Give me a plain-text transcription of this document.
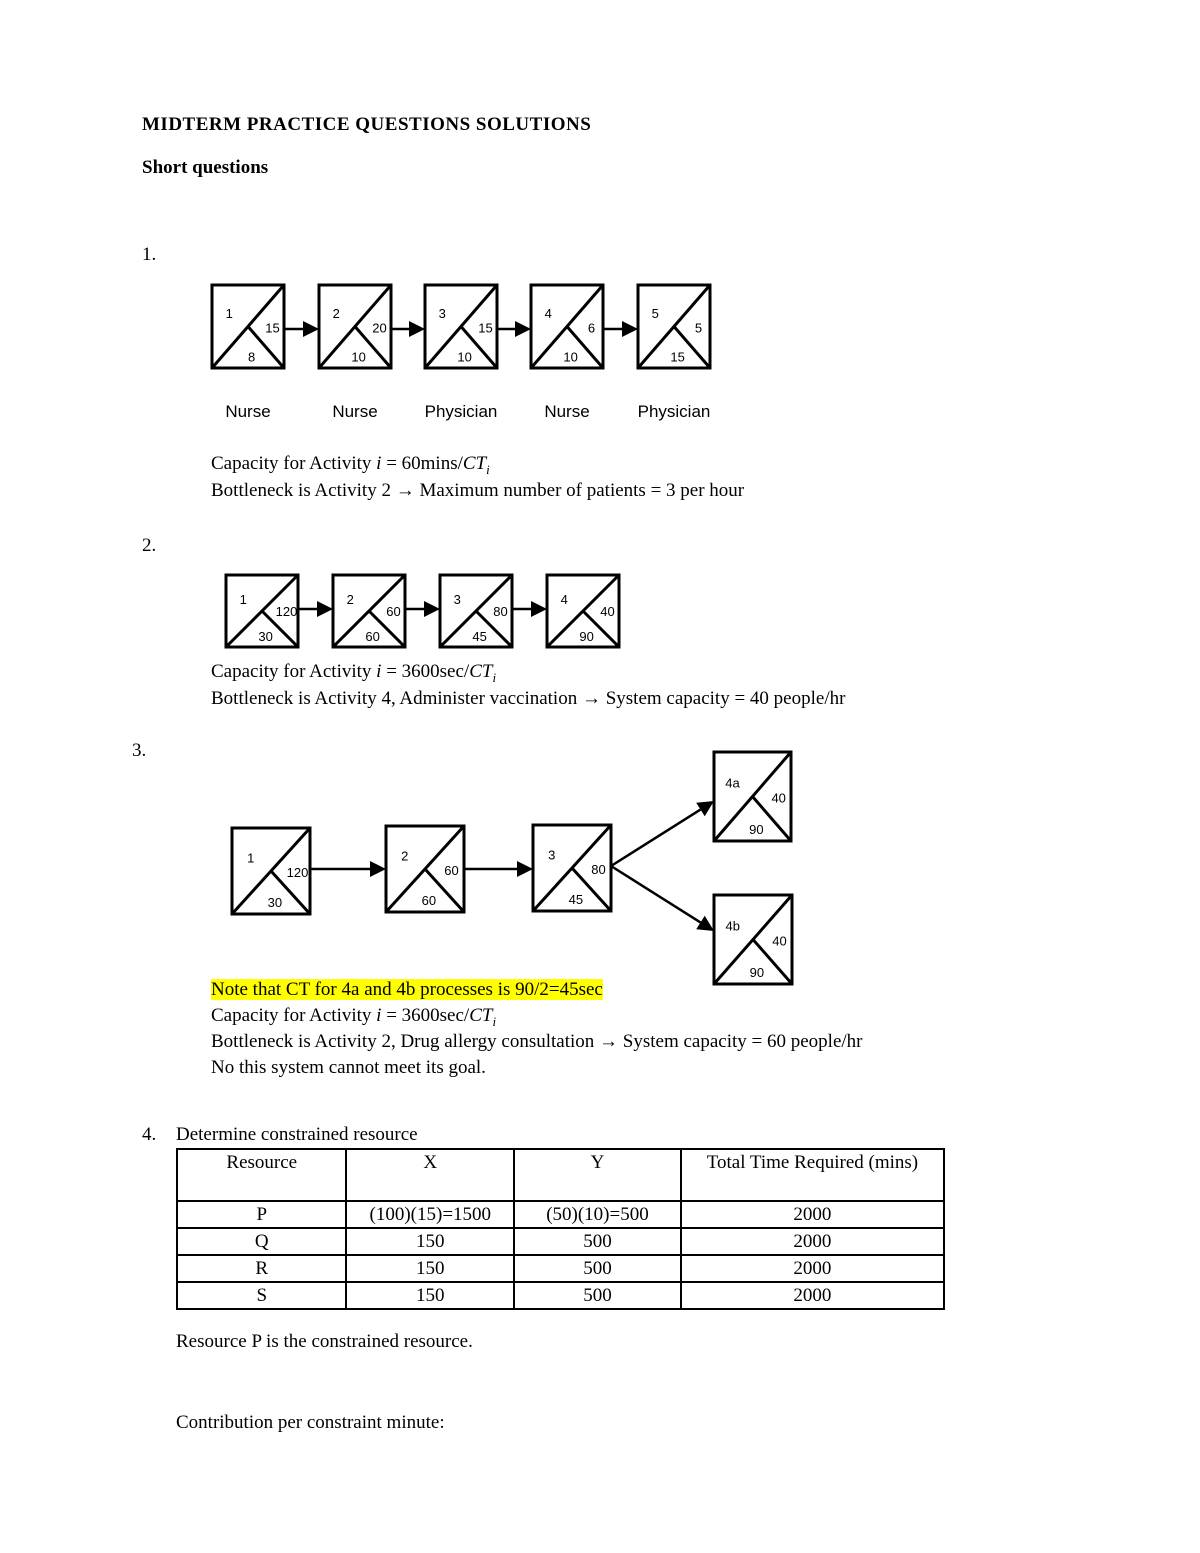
MIDTERM PRACTICE QUESTIONS SOLUTIONS
Short questions
1.
1
15
8
Nurse
2
20
10
Nurse
3
15
10
Physician
4
6
10
Nurse
5
5
15
Physician
Capacity for Activity $i = 60\min s/CT_i$
Bottleneck is Activity 2 → Maximum number of patients = 3 per hour
2.
1
120
30
2
60
60
3
80
45
4
40
90
Capacity for Activity $i = 3600\sec/CT_i$
Bottleneck is Activity 4, Administer vaccination → System capacity = 40 people/hr
3.
1
120
30
2
60
60
3
80
45
4a
40
90
4b
40
90
Note that CT for 4a and 4b processes is 90/2=45sec
Capacity for Activity $i = 3600\sec/CT_i$
Bottleneck is Activity 2, Drug allergy consultation → System capacity = 60 people/hr
No this system cannot meet its goal.
4. Determine constrained resource
Resource	X	Y	Total Time Required (mins)
P	(100)(15)=1500	(50)(10)=500	2000
Q	150	500	2000
R	150	500	2000
S	150	500	2000
Resource P is the constrained resource.
Contribution per constraint minute:
